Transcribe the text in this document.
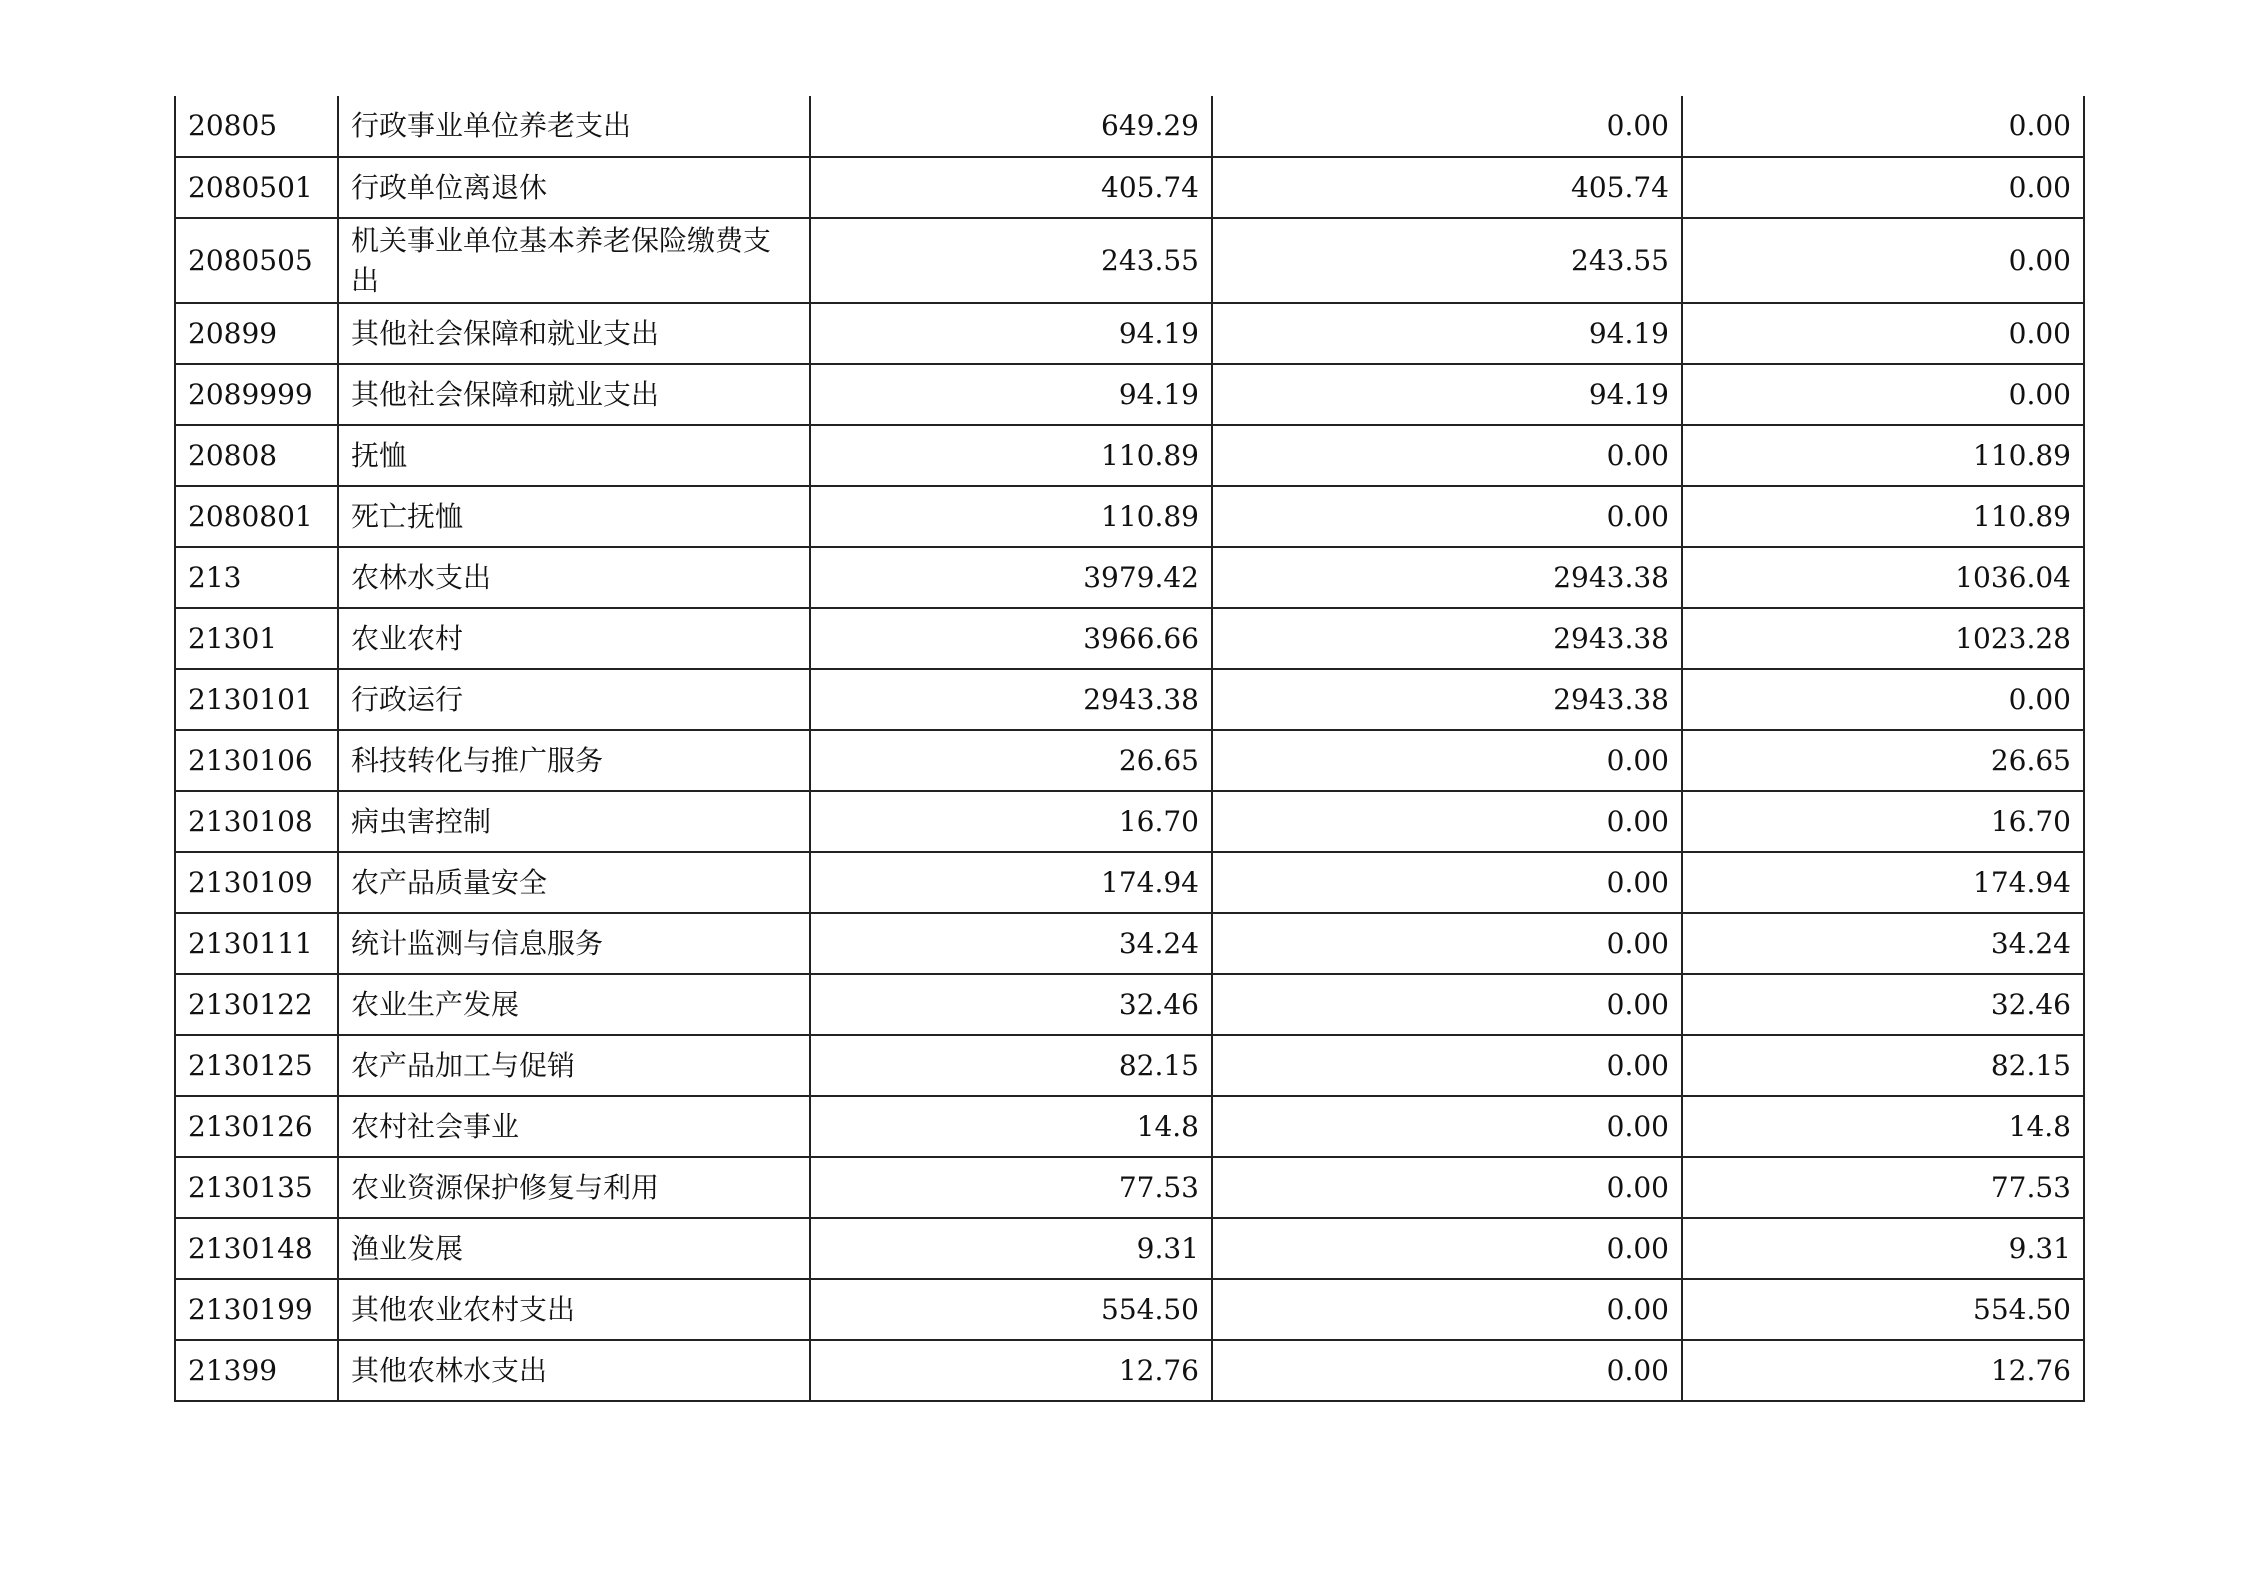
20805	行政事业单位养老支出	649.29	0.00	0.00
2080501	行政单位离退休	405.74	405.74	0.00
2080505	机关事业单位基本养老保险缴费支出	243.55	243.55	0.00
20899	其他社会保障和就业支出	94.19	94.19	0.00
2089999	其他社会保障和就业支出	94.19	94.19	0.00
20808	抚恤	110.89	0.00	110.89
2080801	死亡抚恤	110.89	0.00	110.89
213	农林水支出	3979.42	2943.38	1036.04
21301	农业农村	3966.66	2943.38	1023.28
2130101	行政运行	2943.38	2943.38	0.00
2130106	科技转化与推广服务	26.65	0.00	26.65
2130108	病虫害控制	16.70	0.00	16.70
2130109	农产品质量安全	174.94	0.00	174.94
2130111	统计监测与信息服务	34.24	0.00	34.24
2130122	农业生产发展	32.46	0.00	32.46
2130125	农产品加工与促销	82.15	0.00	82.15
2130126	农村社会事业	14.8	0.00	14.8
2130135	农业资源保护修复与利用	77.53	0.00	77.53
2130148	渔业发展	9.31	0.00	9.31
2130199	其他农业农村支出	554.50	0.00	554.50
21399	其他农林水支出	12.76	0.00	12.76
